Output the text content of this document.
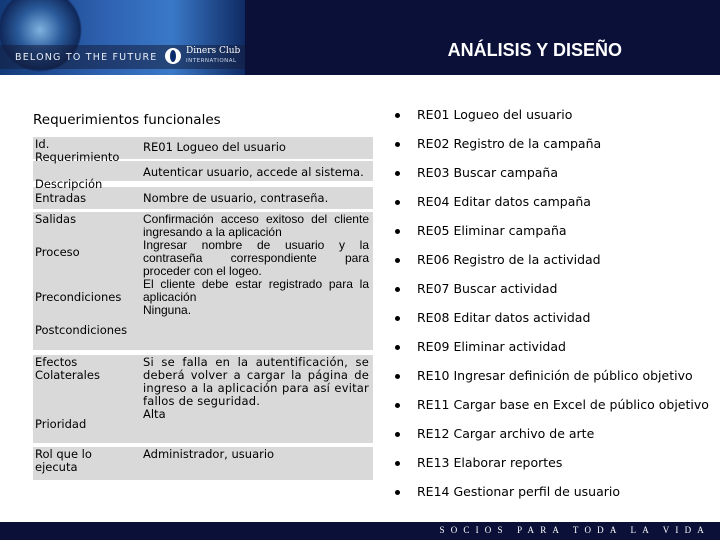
BELONG TO THE FUTURE
Diners Club
INTERNATIONAL
ANÁLISIS Y DISEÑO
Requerimientos funcionales
Id. Requerimiento
RE01 Logueo del usuario
Descripción
Autenticar usuario, accede al sistema.
Entradas	Nombre de usuario, contraseña.
Salidas
Proceso
Precondiciones
Postcondiciones
Confirmación acceso exitoso del cliente ingresando a la aplicación
Ingresar nombre de usuario y la contraseña correspondiente para proceder con el logeo.
El cliente debe estar registrado para la aplicación
Ninguna.
Efectos Colaterales
Prioridad
Si se falla en la autentificación, se deberá volver a cargar la página de ingreso a la aplicación para así evitar fallos de seguridad.
Alta
Rol que lo ejecuta
Administrador, usuario
RE01 Logueo del usuario
RE02 Registro de la campaña
RE03 Buscar campaña
RE04 Editar datos campaña
RE05 Eliminar campaña
RE06 Registro de la actividad
RE07 Buscar actividad
RE08 Editar datos actividad
RE09 Eliminar actividad
RE10 Ingresar definición de público objetivo
RE11 Cargar base en Excel de público objetivo
RE12 Cargar archivo de arte
RE13 Elaborar reportes
RE14 Gestionar perfil de usuario
SOCIOS PARA TODA LA VIDA
